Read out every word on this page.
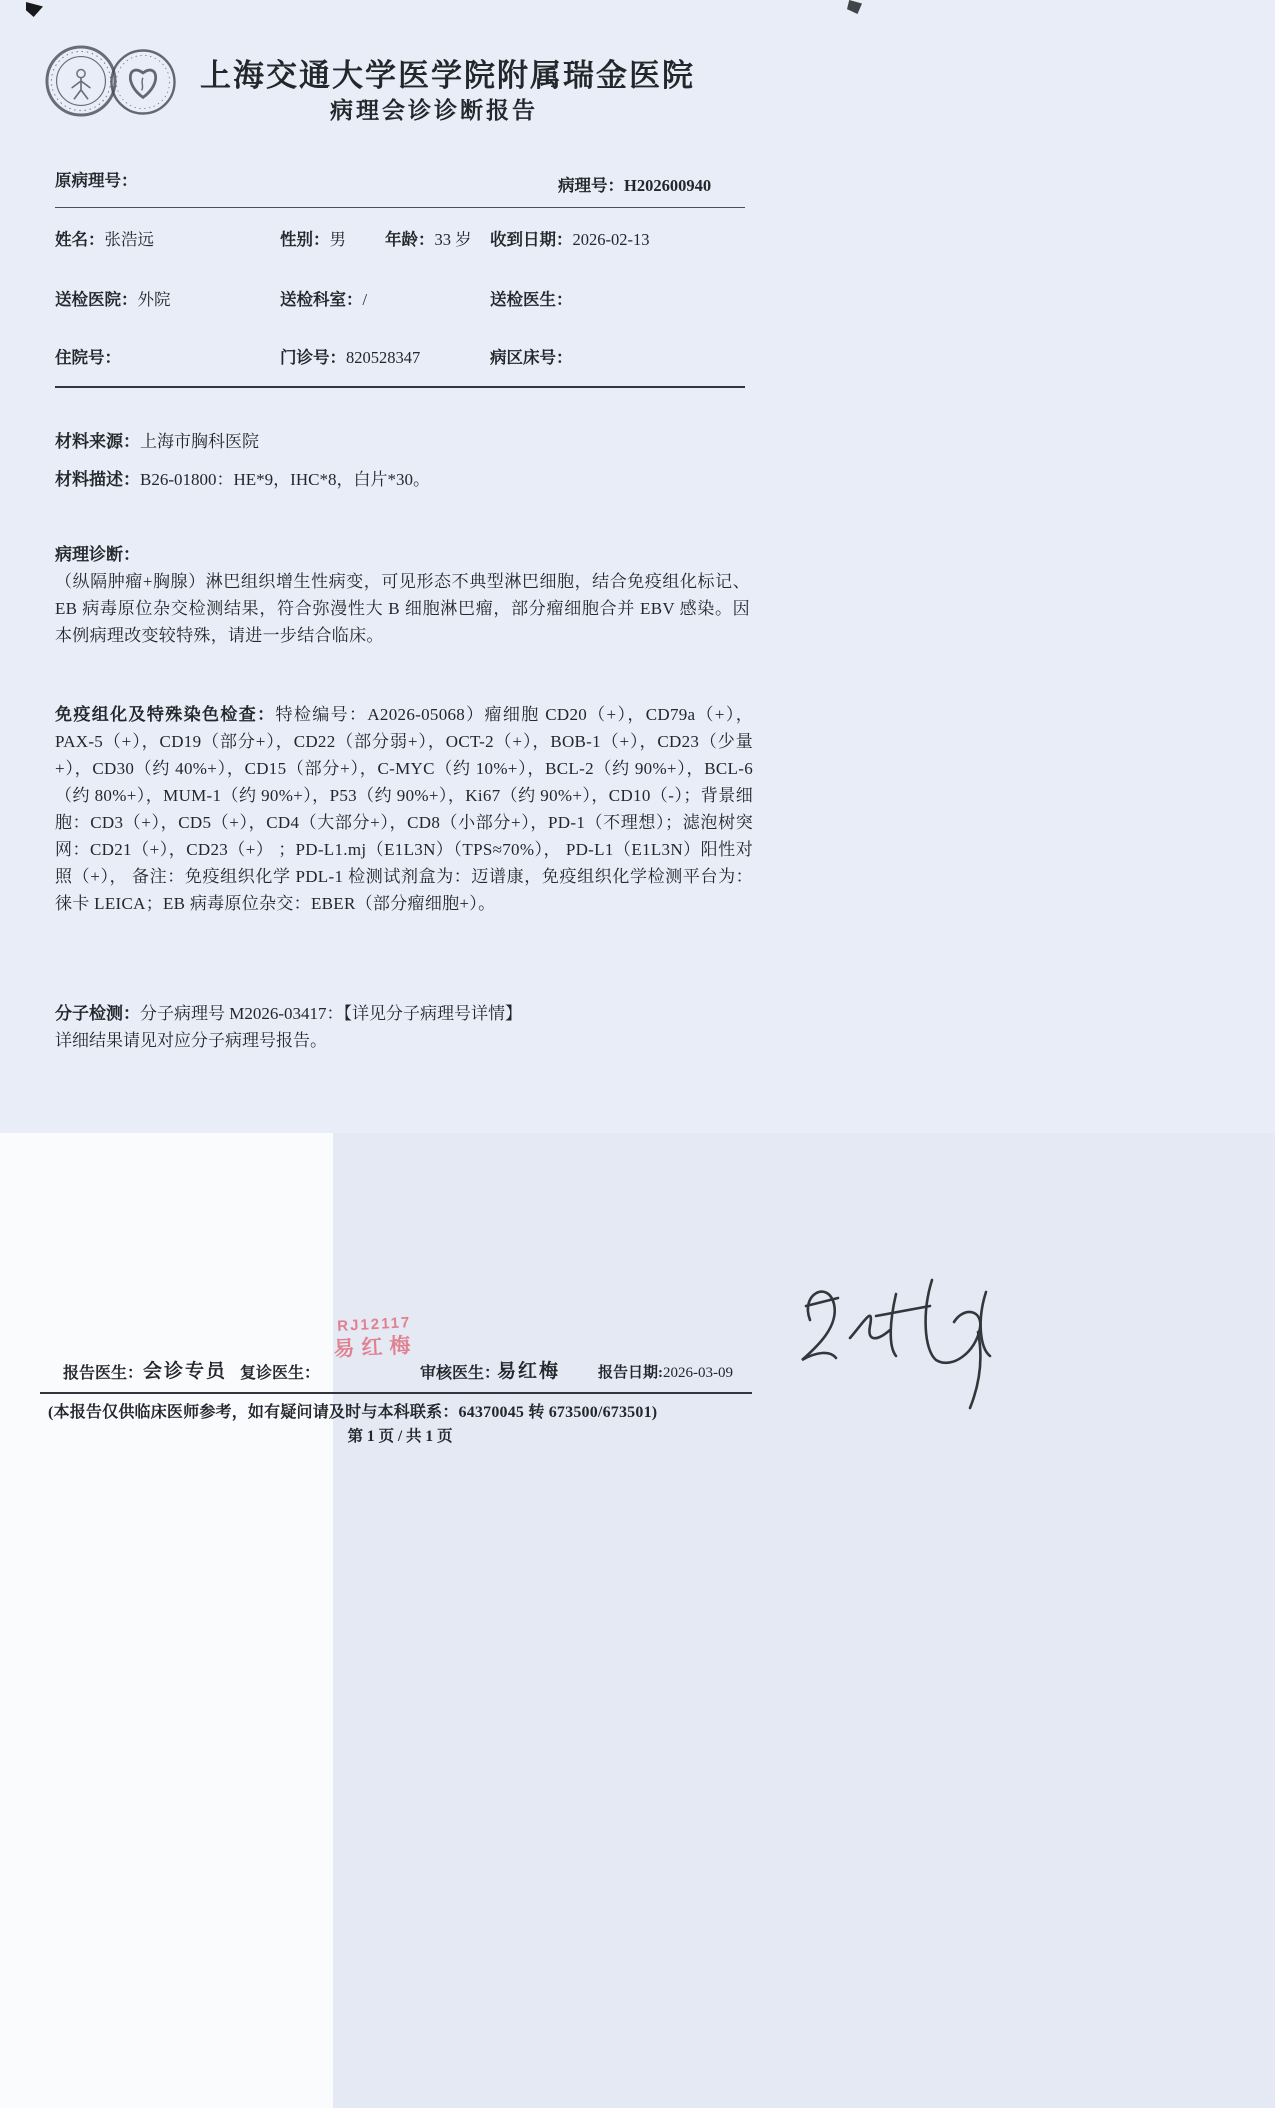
上海交通大学医学院附属瑞金医院
病理会诊诊断报告
原病理号：	病理号：H202600940
姓名：张浩远	性别：男 年龄：33 岁 收到日期：2026-02-13
送检医院：外院	送检科室：/	送检医生：
住院号：	门诊号：820528347	病区床号：
材料来源：上海市胸科医院
材料描述：B26-01800：HE*9，IHC*8，白片*30。
病理诊断：
（纵隔肿瘤+胸腺）淋巴组织增生性病变，可见形态不典型淋巴细胞，结合免疫组化标记、EB 病毒原位杂交检测结果，符合弥漫性大 B 细胞淋巴瘤，部分瘤细胞合并 EBV 感染。因本例病理改变较特殊，请进一步结合临床。
免疫组化及特殊染色检查：特检编号：A2026-05068）瘤细胞 CD20（+），CD79a（+），PAX-5（+），CD19（部分+），CD22（部分弱+），OCT-2（+），BOB-1（+），CD23（少量+），CD30（约 40%+），CD15（部分+），C-MYC（约 10%+），BCL-2（约 90%+），BCL-6（约 80%+），MUM-1（约 90%+），P53（约 90%+），Ki67（约 90%+），CD10（-）；背景细胞：CD3（+），CD5（+），CD4（大部分+），CD8（小部分+），PD-1（不理想）；滤泡树突网：CD21（+），CD23（+） ；PD-L1.mj（E1L3N）（TPS≈70%）， PD-L1（E1L3N）阳性对照（+）， 备注：免疫组织化学 PDL-1 检测试剂盒为：迈谱康，免疫组织化学检测平台为：徕卡 LEICA；EB 病毒原位杂交：EBER（部分瘤细胞+）。
分子检测：分子病理号 M2026-03417：【详见分子病理号详情】
详细结果请见对应分子病理号报告。
RJ12117
易红梅
报告医生： 会诊专员 复诊医生：	审核医生：
易红梅	报告日期:2026-03-09
(本报告仅供临床医师参考，如有疑问请及时与本科联系：64370045 转 673500/673501)
第 1 页 / 共 1 页
